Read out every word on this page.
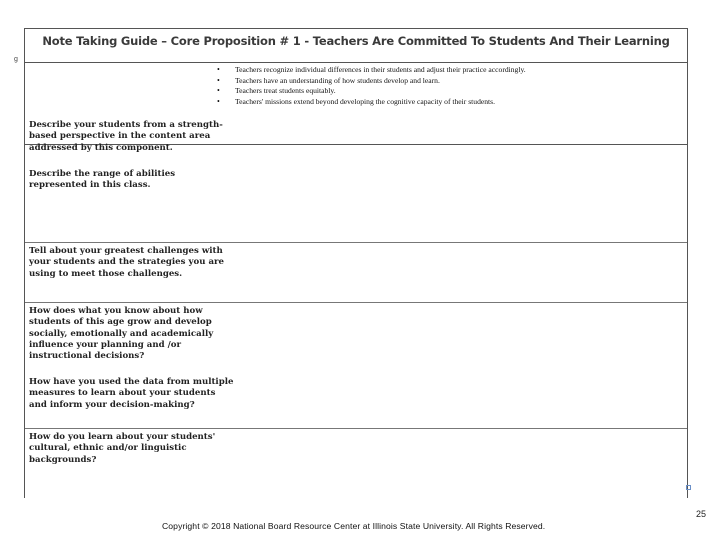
g
Note Taking Guide – Core Proposition # 1 - Teachers Are Committed To Students And Their Learning
• Teachers recognize individual differences in their students and adjust their practice accordingly.
• Teachers have an understanding of how students develop and learn.
• Teachers treat students equitably.
• Teachers' missions extend beyond developing the cognitive capacity of their students.

Describe your students from a strength-based perspective in the content area addressed by this component.

Describe the range of abilities represented in this class.

Tell about your greatest challenges with your students and the strategies you are using to meet those challenges.

How does what you know about how students of this age grow and develop socially, emotionally and academically influence your planning and /or instructional decisions?

How have you used the data from multiple measures to learn about your students and inform your decision-making?

How do you learn about your students' cultural, ethnic and/or linguistic backgrounds?

25
Copyright © 2018 National Board Resource Center at Illinois State University. All Rights Reserved.
